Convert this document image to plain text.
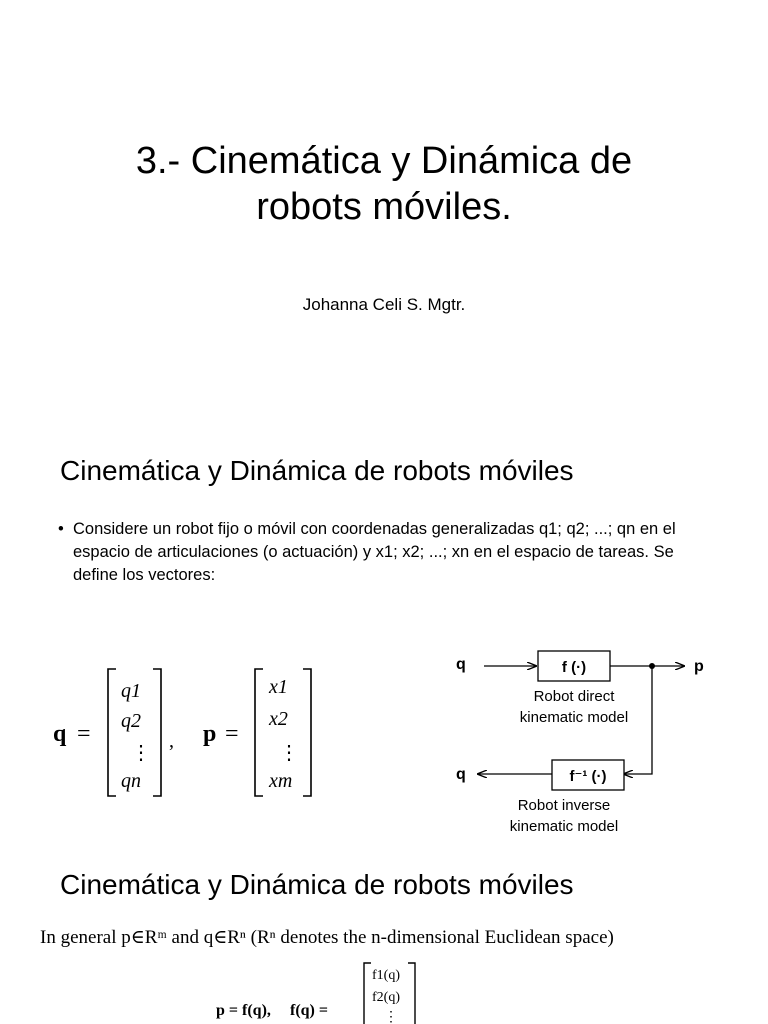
3.- Cinemática y Dinámica de
robots móviles.
Johanna Celi S. Mgtr.
Cinemática y Dinámica de robots móviles
• Considere un robot fijo o móvil con coordenadas generalizadas q1; q2; ...; qn en el espacio de articulaciones (o actuación) y x1; x2; ...; xn en el espacio de tareas. Se define los vectores:
q =
q1
q2
⋮
qn
, p =
x1
x2
⋮
xm
q	f (·)	p
Robot direct
kinematic model
f⁻¹ (·)
q
Robot inverse
kinematic model
Cinemática y Dinámica de robots móviles
In general p∈Rᵐ and q∈Rⁿ (Rⁿ denotes the n-dimensional Euclidean space)
p = f(q), f(q) =
f1(q)
f2(q)
⋮
